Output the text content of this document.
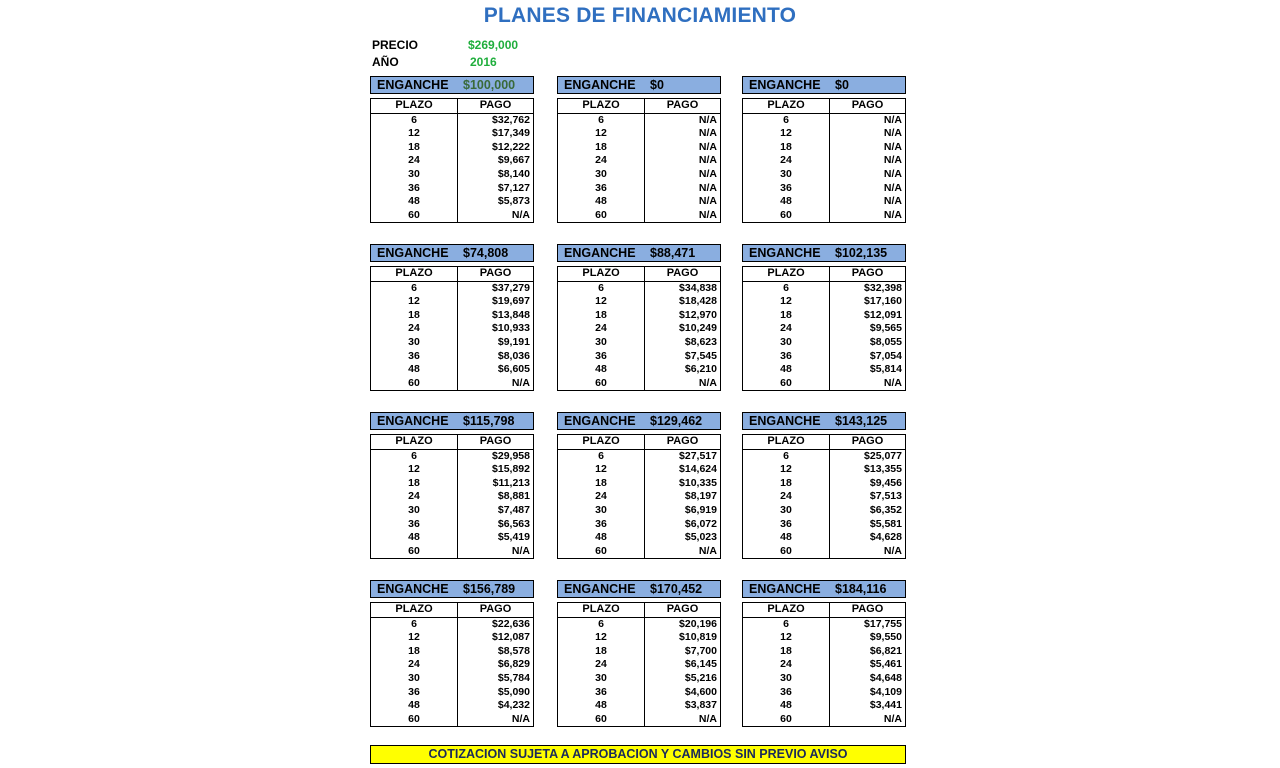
PLANES DE FINANCIAMIENTO
PRECIO	$269,000
AÑO	2016
ENGANCHE	$100,000
PLAZO	PAGO
6	$32,762
12	$17,349
18	$12,222
24	$9,667
30	$8,140
36	$7,127
48	$5,873
60	N/A
ENGANCHE	$0
PLAZO	PAGO
6	N/A
12	N/A
18	N/A
24	N/A
30	N/A
36	N/A
48	N/A
60	N/A
ENGANCHE	$0
PLAZO	PAGO
6	N/A
12	N/A
18	N/A
24	N/A
30	N/A
36	N/A
48	N/A
60	N/A
ENGANCHE	$74,808
PLAZO	PAGO
6	$37,279
12	$19,697
18	$13,848
24	$10,933
30	$9,191
36	$8,036
48	$6,605
60	N/A
ENGANCHE	$88,471
PLAZO	PAGO
6	$34,838
12	$18,428
18	$12,970
24	$10,249
30	$8,623
36	$7,545
48	$6,210
60	N/A
ENGANCHE	$102,135
PLAZO	PAGO
6	$32,398
12	$17,160
18	$12,091
24	$9,565
30	$8,055
36	$7,054
48	$5,814
60	N/A
ENGANCHE	$115,798
PLAZO	PAGO
6	$29,958
12	$15,892
18	$11,213
24	$8,881
30	$7,487
36	$6,563
48	$5,419
60	N/A
ENGANCHE	$129,462
PLAZO	PAGO
6	$27,517
12	$14,624
18	$10,335
24	$8,197
30	$6,919
36	$6,072
48	$5,023
60	N/A
ENGANCHE	$143,125
PLAZO	PAGO
6	$25,077
12	$13,355
18	$9,456
24	$7,513
30	$6,352
36	$5,581
48	$4,628
60	N/A
ENGANCHE	$156,789
PLAZO	PAGO
6	$22,636
12	$12,087
18	$8,578
24	$6,829
30	$5,784
36	$5,090
48	$4,232
60	N/A
ENGANCHE	$170,452
PLAZO	PAGO
6	$20,196
12	$10,819
18	$7,700
24	$6,145
30	$5,216
36	$4,600
48	$3,837
60	N/A
ENGANCHE	$184,116
PLAZO	PAGO
6	$17,755
12	$9,550
18	$6,821
24	$5,461
30	$4,648
36	$4,109
48	$3,441
60	N/A
COTIZACION SUJETA A APROBACION Y CAMBIOS SIN PREVIO AVISO
